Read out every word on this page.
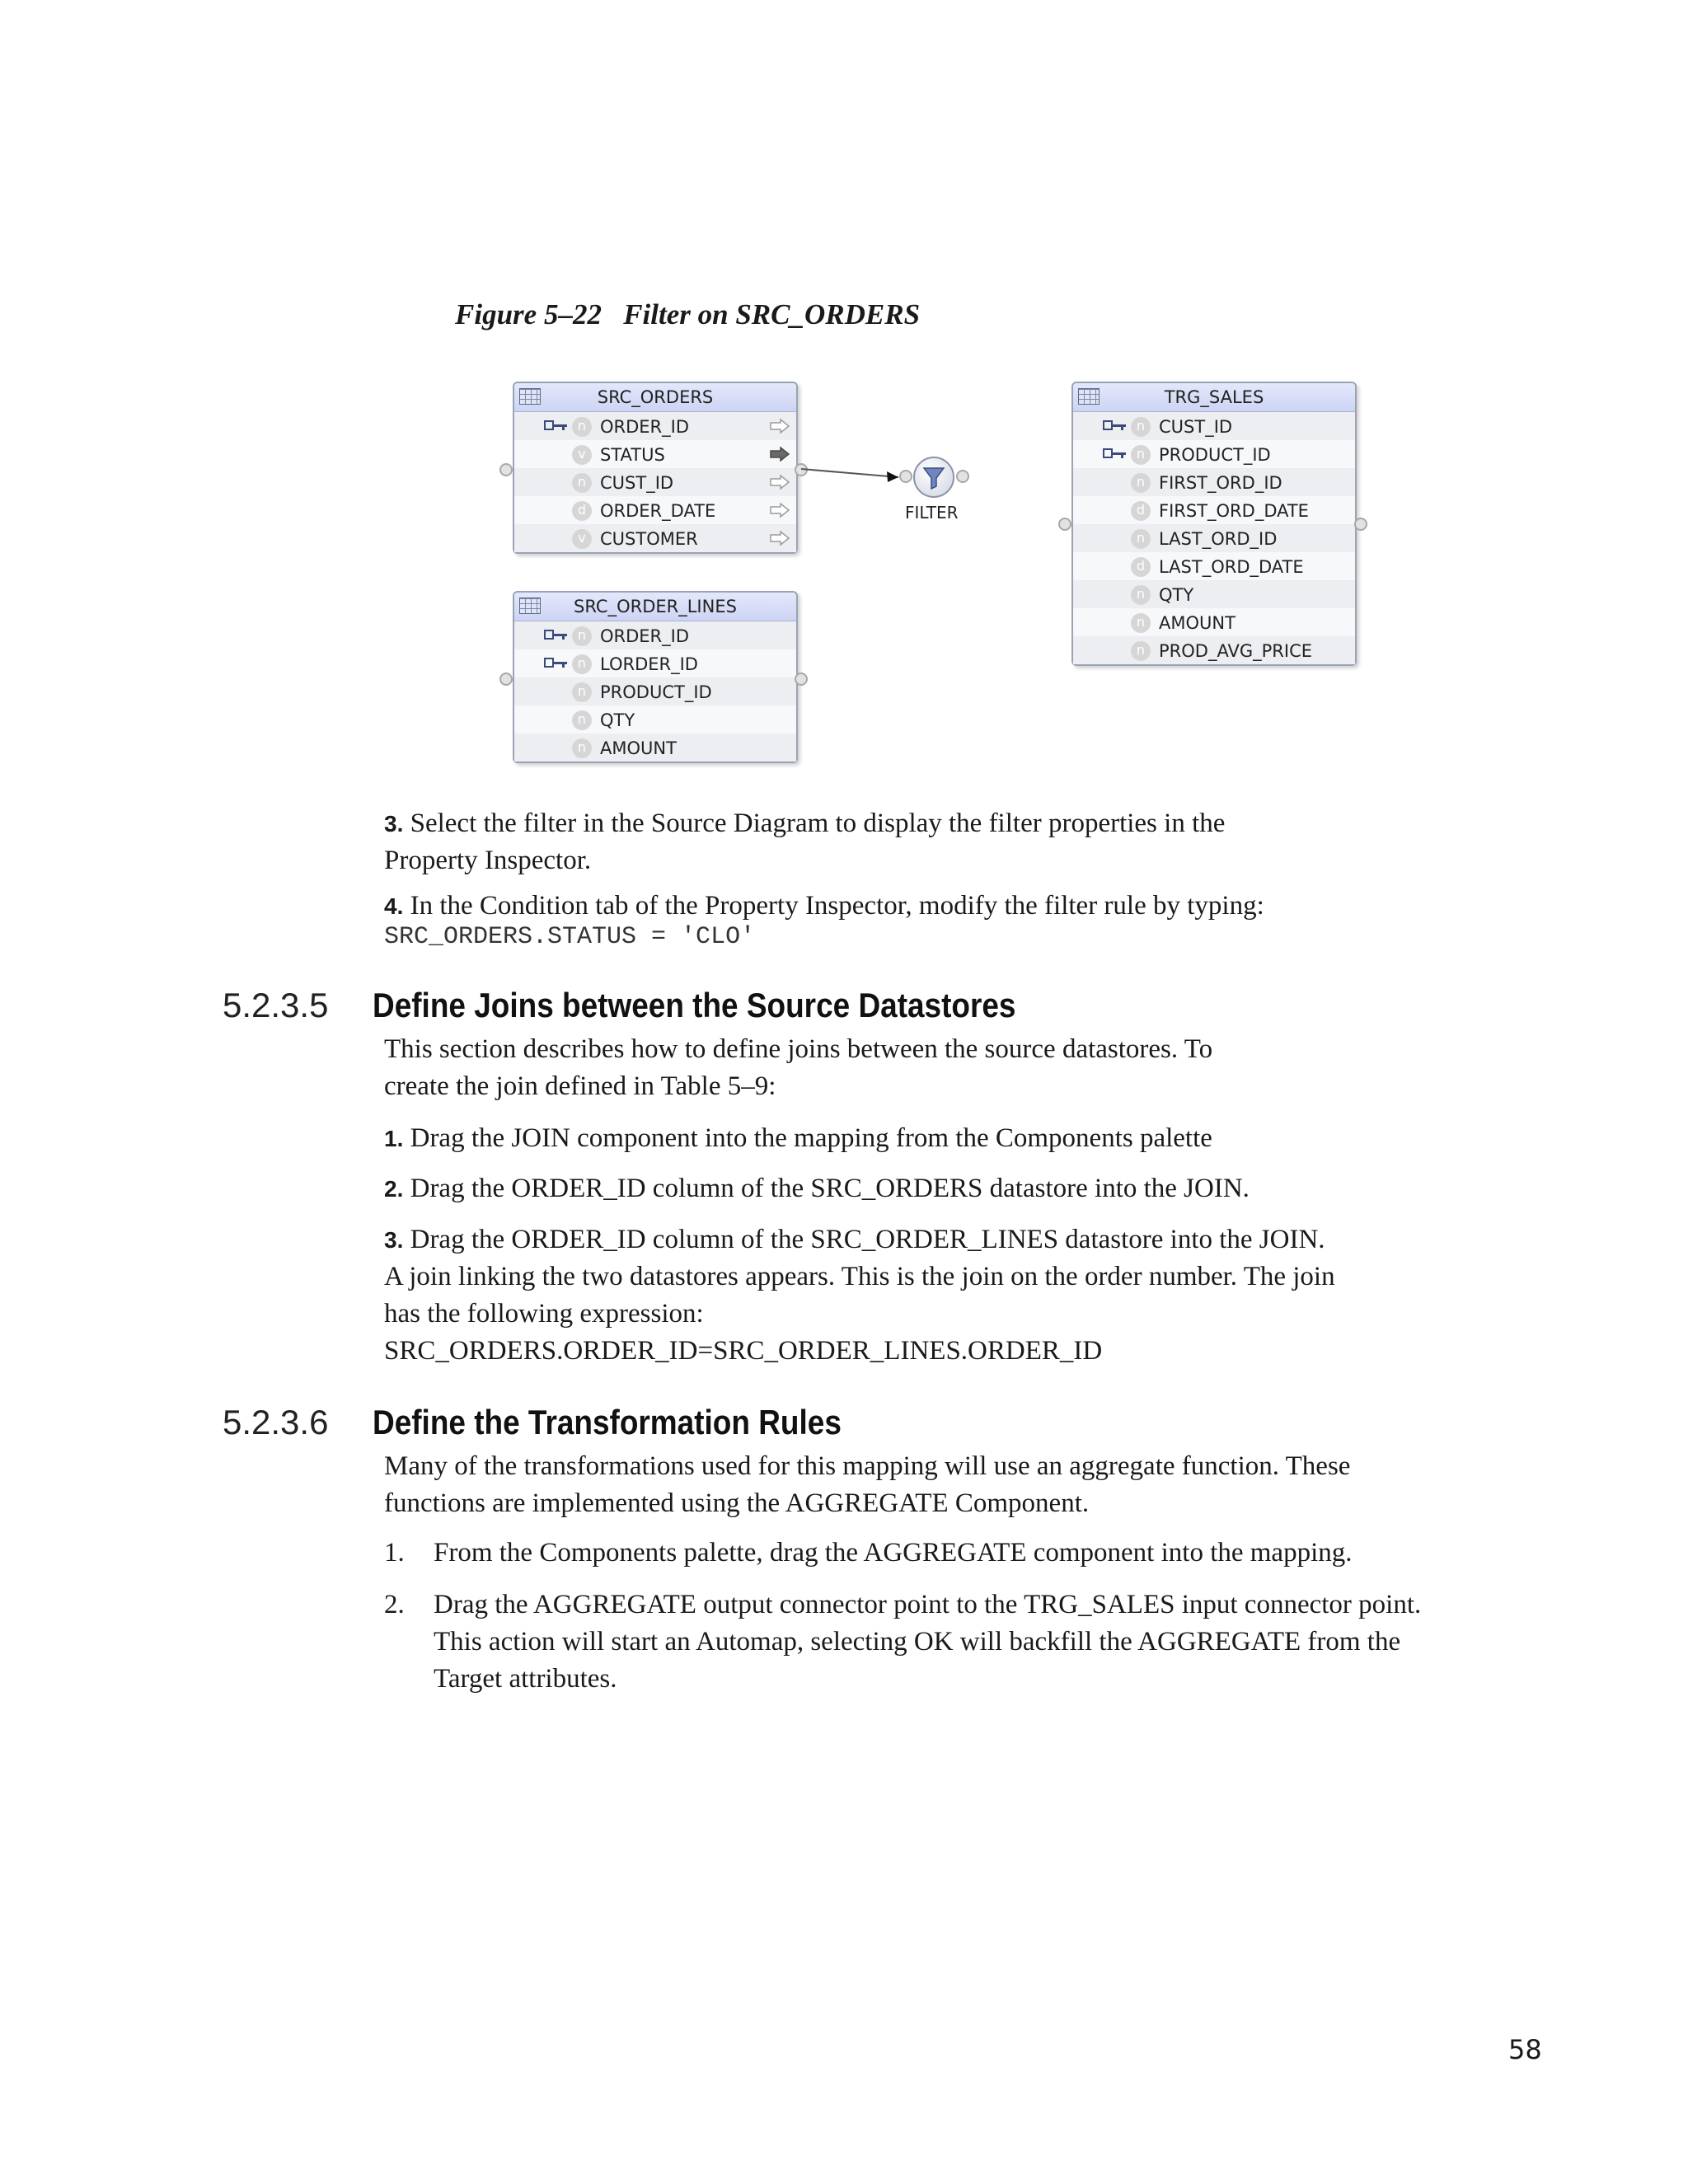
Figure 5–22   Filter on SRC_ORDERS
SRC_ORDERS
n ORDER_ID
v STATUS
n CUST_ID
d ORDER_DATE
v CUSTOMER
SRC_ORDER_LINES
n ORDER_ID
n LORDER_ID
n PRODUCT_ID
n QTY
n AMOUNT
TRG_SALES
n CUST_ID
n PRODUCT_ID
n FIRST_ORD_ID
d FIRST_ORD_DATE
n LAST_ORD_ID
d LAST_ORD_DATE
n QTY
n AMOUNT
n PROD_AVG_PRICE
FILTER
3. Select the filter in the Source Diagram to display the filter properties in the
Property Inspector.
4. In the Condition tab of the Property Inspector, modify the filter rule by typing:
SRC_ORDERS.STATUS = 'CLO'
5.2.3.5 Define Joins between the Source Datastores
This section describes how to define joins between the source datastores. To
create the join defined in Table 5–9:
1. Drag the JOIN component into the mapping from the Components palette
2. Drag the ORDER_ID column of the SRC_ORDERS datastore into the JOIN.
3. Drag the ORDER_ID column of the SRC_ORDER_LINES datastore into the JOIN.
A join linking the two datastores appears. This is the join on the order number. The join
has the following expression:
SRC_ORDERS.ORDER_ID=SRC_ORDER_LINES.ORDER_ID
5.2.3.6 Define the Transformation Rules
Many of the transformations used for this mapping will use an aggregate function. These
functions are implemented using the AGGREGATE Component.
1. From the Components palette, drag the AGGREGATE component into the mapping.
2. Drag the AGGREGATE output connector point to the TRG_SALES input connector point.
This action will start an Automap, selecting OK will backfill the AGGREGATE from the
Target attributes.
58
